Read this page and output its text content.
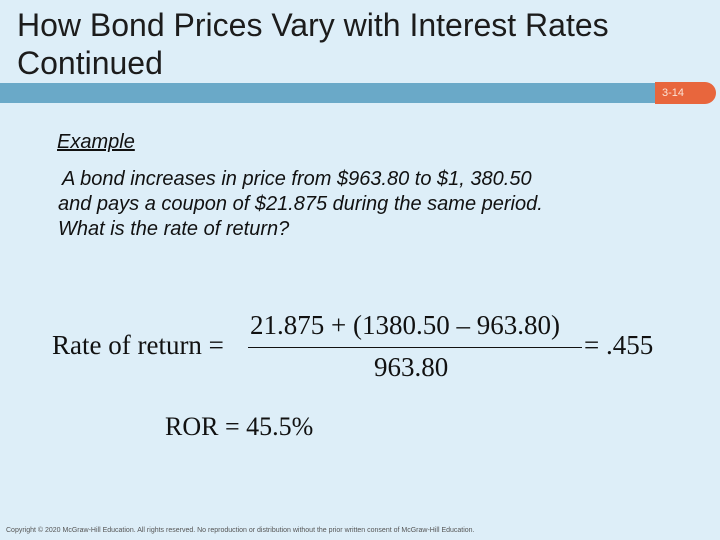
How Bond Prices Vary with Interest Rates
Continued
3-14
Example
A bond increases in price from $963.80 to $1, 380.50
and pays a coupon of $21.875 during the same period.
What is the rate of return?
Rate of return =
21.875 + (1380.50 – 963.80)
963.80
= .455
ROR = 45.5%
Copyright © 2020 McGraw-Hill Education. All rights reserved. No reproduction or distribution without the prior written consent of McGraw-Hill Education.
